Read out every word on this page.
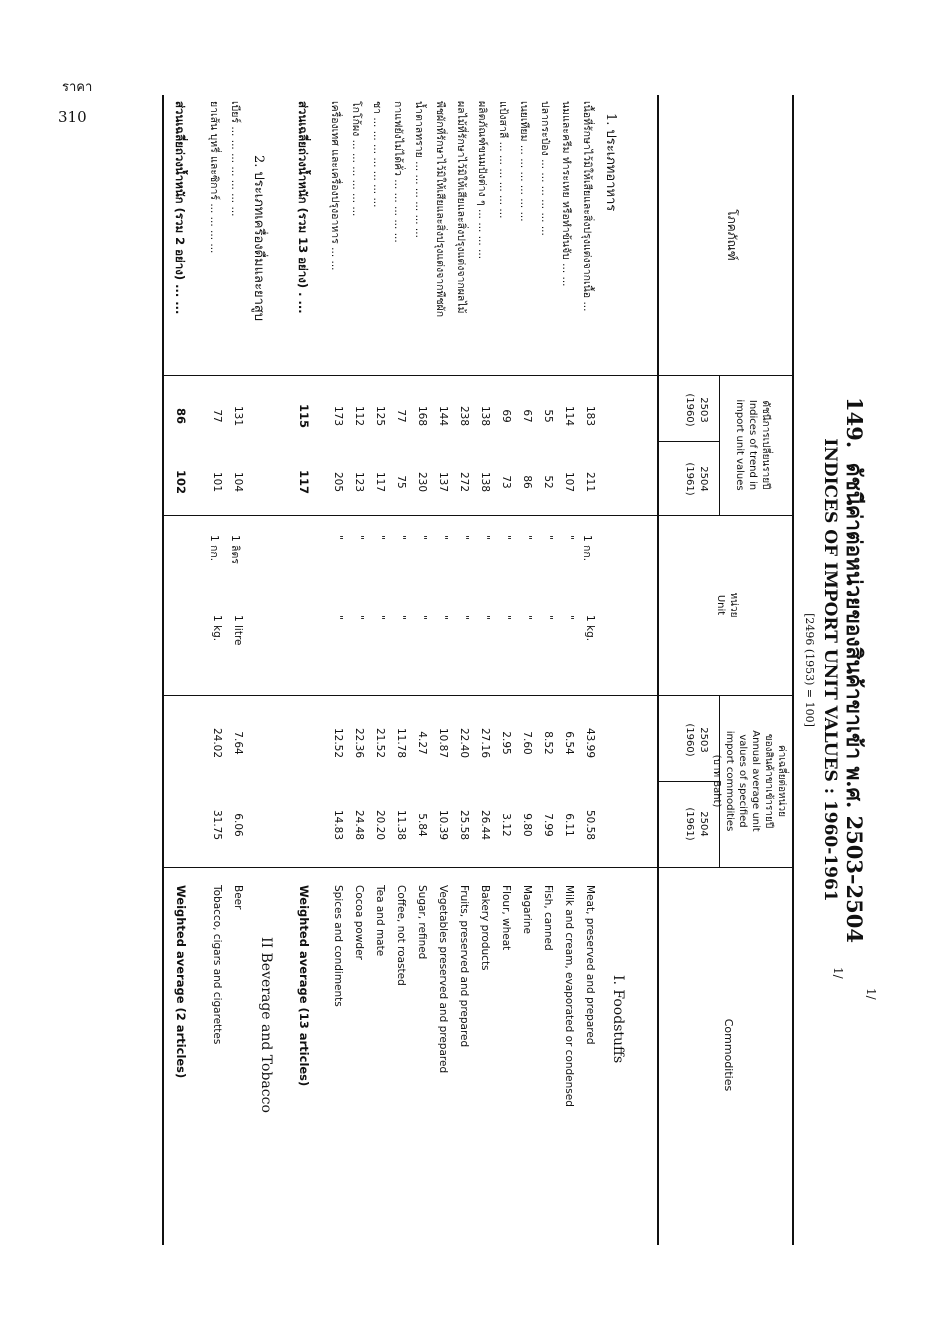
ราคา
310
149.  ดัชนีค่าต่อหน่วยของสินค้าขาเข้า พ.ศ. 2503–2504
1/
INDICES OF IMPORT UNIT VALUES : 1960-1961
1/
[2496 (1953) = 100]
โภคภัณฑ์
ดัชนีการเปลี่ยนรายปี
Indices of trend in
import unit values
2503
(1960)
2504
(1961)
หน่วย
Unit
ค่าเฉลี่ยต่อหน่วย
ของสินค้าขาเข้ารายปี
Annual average unit
values of specified
import commodities
(บาท Baht)
2503
(1960)
2504
(1961)
Commodities
1. ประเภทอาหาร
I. Foodstuffs
เนื้อที่รักษาไว้มิให้เสียและสิ่งปรุงแต่งจากเนื้อ ...
183
211
1 กก.
1 kg.
43.99
50.58
Meat, preserved and prepared
นมและครีม ทำระเหย หรือทำข้นจับ ... ...
114
107
"
"
6.54
6.11
Milk and cream, evaporated or condensed
ปลากระป๋อง ... ... ... ... ... ...
55
52
"
"
8.52
7.99
Fish, canned
เนยเทียม ... ... ... ... ... ...
67
86
"
"
7.60
9.80
Magarine
แป้งสาลี ... ... ... ... ... ...
69
73
"
"
2.95
3.12
Flour, wheat
ผลิตภัณฑ์ขนมปังต่าง ๆ ... ... ... ...
138
138
"
"
27.16
26.44
Bakery products
ผลไม้ที่รักษาไว้มิให้เสียและสิ่งปรุงแต่งจากผลไม้
238
272
"
"
22.40
25.58
Fruits, preserved and prepared
พืชผักที่รักษาไว้มิให้เสียและสิ่งปรุงแต่งจากพืชผัก
144
137
"
"
10.87
10.39
Vegetables preserved and prepared
น้ำตาลทราย ... ... ... ... ... ...
168
230
"
"
4.27
5.84
Sugar, refined
กาแฟยังไม่ได้คั่ว ... ... ... ... ...
77
75
"
"
11.78
11.38
Coffee, not roasted
ชา ... ... ... ... ... ... ...
125
117
"
"
21.52
20.20
Tea and mate
โกโก้ผง ... ... ... ... ... ...
112
123
"
"
22.36
24.48
Cocoa powder
เครื่องเทศ และเครื่องปรุงอาหาร ... ...
173
205
"
"
12.52
14.83
Spices and condiments
ส่วนเฉลี่ยถ่วงน้ำหนัก (รวม 13 อย่าง) . ...
115
117
Weighted average (13 articles)
2. ประเภทเครื่องดื่มและยาสูบ
II Beverage and Tobacco
เบียร์ ... ... ... ... ... ... ...
131
104
1 ลิตร
1 litre
7.64
6.06
Beer
ยาเส้น บุหรี่ และซิการ์ ... ... ... ...
77
101
1 กก.
1 kg.
24.02
31.75
Tobacco, cigars and cigarettes
ส่วนเฉลี่ยถ่วงน้ำหนัก (รวม 2 อย่าง) ... ...
86
102
Weighted average (2 articles)
